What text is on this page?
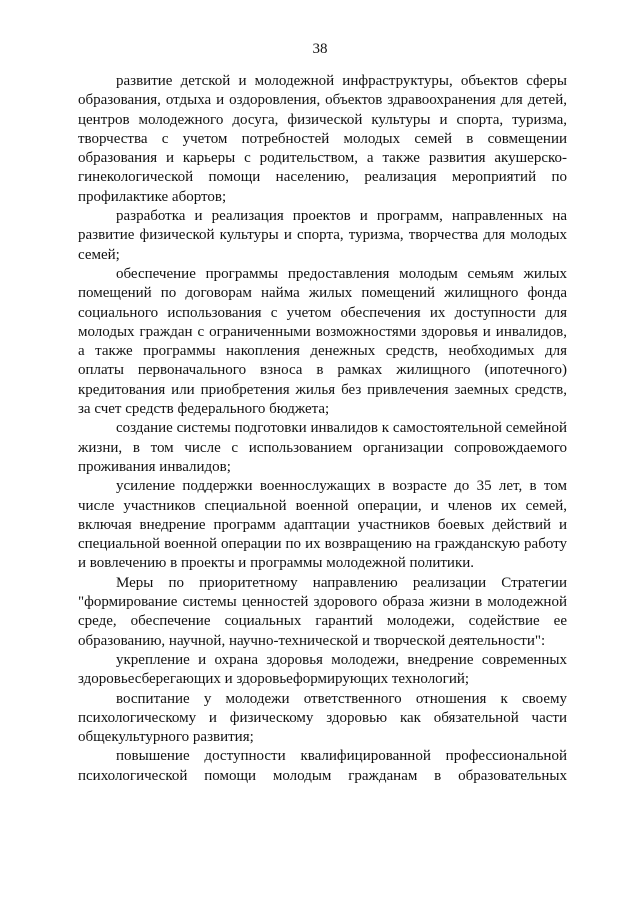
38

развитие детской и молодежной инфраструктуры, объектов сферы образования, отдыха и оздоровления, объектов здравоохранения для детей, центров молодежного досуга, физической культуры и спорта, туризма, творчества с учетом потребностей молодых семей в совмещении образования и карьеры с родительством, а также развития акушерско-гинекологической помощи населению, реализация мероприятий по профилактике абортов;

разработка и реализация проектов и программ, направленных на развитие физической культуры и спорта, туризма, творчества для молодых семей;

обеспечение программы предоставления молодым семьям жилых помещений по договорам найма жилых помещений жилищного фонда социального использования с учетом обеспечения их доступности для молодых граждан с ограниченными возможностями здоровья и инвалидов, а также программы накопления денежных средств, необходимых для оплаты первоначального взноса в рамках жилищного (ипотечного) кредитования или приобретения жилья без привлечения заемных средств, за счет средств федерального бюджета;

создание системы подготовки инвалидов к самостоятельной семейной жизни, в том числе с использованием организации сопровождаемого проживания инвалидов;

усиление поддержки военнослужащих в возрасте до 35 лет, в том числе участников специальной военной операции, и членов их семей, включая внедрение программ адаптации участников боевых действий и специальной военной операции по их возвращению на гражданскую работу и вовлечению в проекты и программы молодежной политики.

Меры по приоритетному направлению реализации Стратегии "формирование системы ценностей здорового образа жизни в молодежной среде, обеспечение социальных гарантий молодежи, содействие ее образованию, научной, научно-технической и творческой деятельности":

укрепление и охрана здоровья молодежи, внедрение современных здоровьесберегающих и здоровьеформирующих технологий;

воспитание у молодежи ответственного отношения к своему психологическому и физическому здоровью как обязательной части общекультурного развития;

повышение доступности квалифицированной профессиональной психологической помощи молодым гражданам в образовательных
